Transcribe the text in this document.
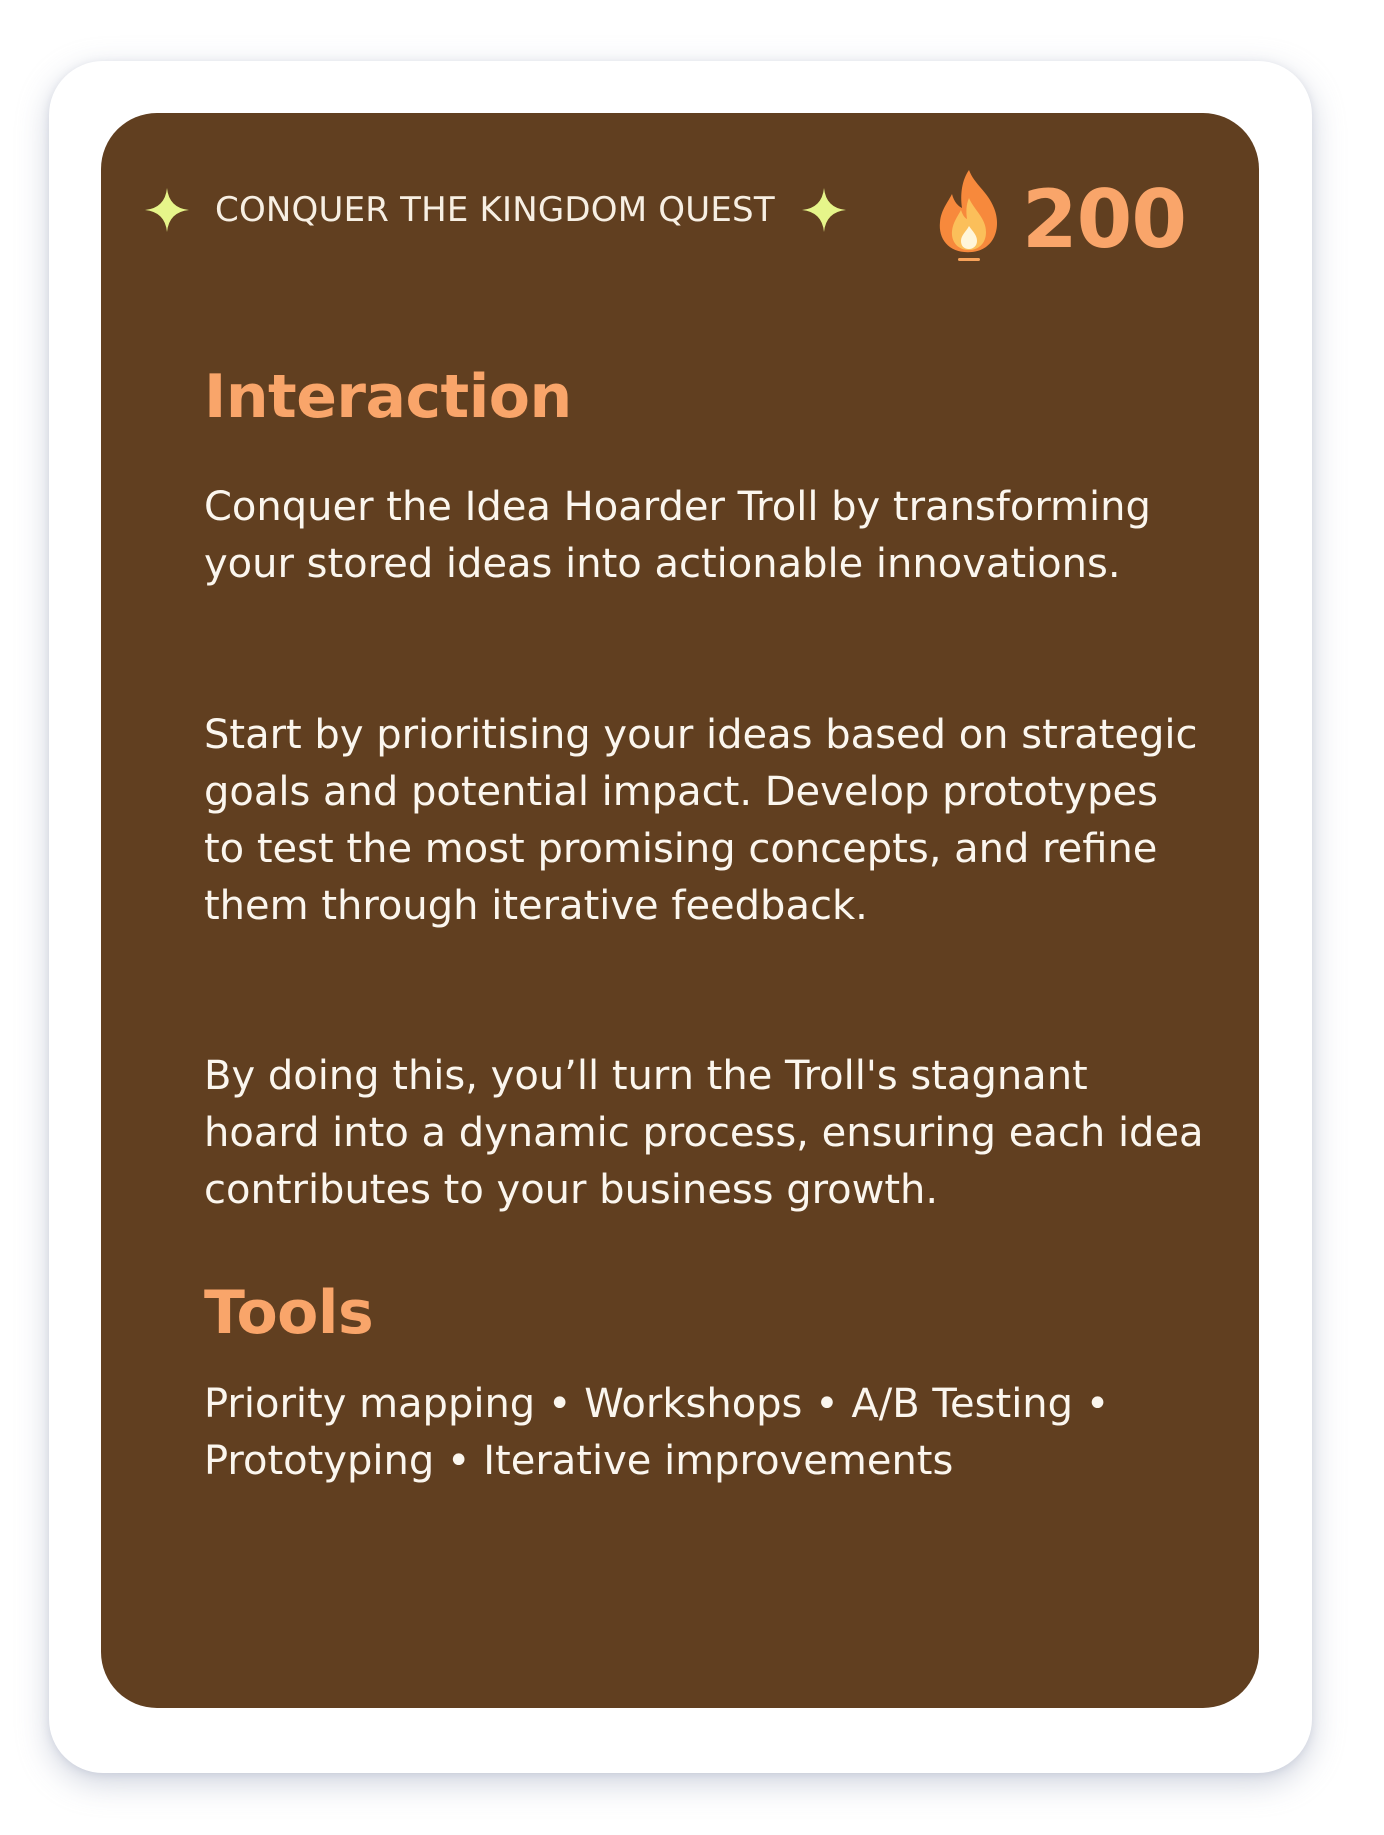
CONQUER THE KINGDOM QUEST	200
Interaction

Conquer the Idea Hoarder Troll by transforming your stored ideas into actionable innovations.

Start by prioritising your ideas based on strategic goals and potential impact. Develop prototypes to test the most promising concepts, and refine them through iterative feedback.

By doing this, you’ll turn the Troll's stagnant hoard into a dynamic process, ensuring each idea contributes to your business growth.

Tools

Priority mapping • Workshops • A/B Testing • Prototyping • Iterative improvements
